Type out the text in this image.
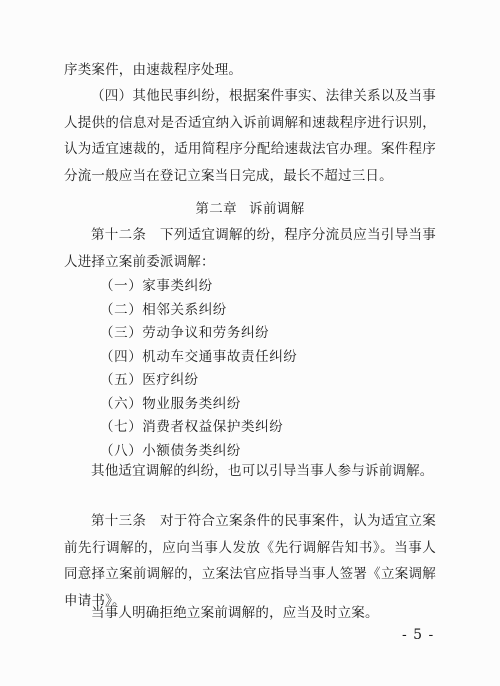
序类案件，由速裁程序处理。
（四）其他民事纠纷，根据案件事实、法律关系以及当事人提供的信息对是否适宜纳入诉前调解和速裁程序进行识别，认为适宜速裁的，适用简程序分配给速裁法官办理。案件程序分流一般应当在登记立案当日完成，最长不超过三日。
第二章 诉前调解
第十二条　下列适宜调解的纷，程序分流员应当引导当事人进择立案前委派调解：
（一）家事类纠纷
（二）相邻关系纠纷
（三）劳动争议和劳务纠纷
（四）机动车交通事故责任纠纷
（五）医疗纠纷
（六）物业服务类纠纷
（七）消费者权益保护类纠纷
（八）小额债务类纠纷
其他适宜调解的纠纷，也可以引导当事人参与诉前调解。
第十三条　对于符合立案条件的民事案件，认为适宜立案前先行调解的，应向当事人发放《先行调解告知书》。当事人同意择立案前调解的，立案法官应指导当事人签署《立案调解申请书》。
当事人明确拒绝立案前调解的，应当及时立案。
- 5 -
